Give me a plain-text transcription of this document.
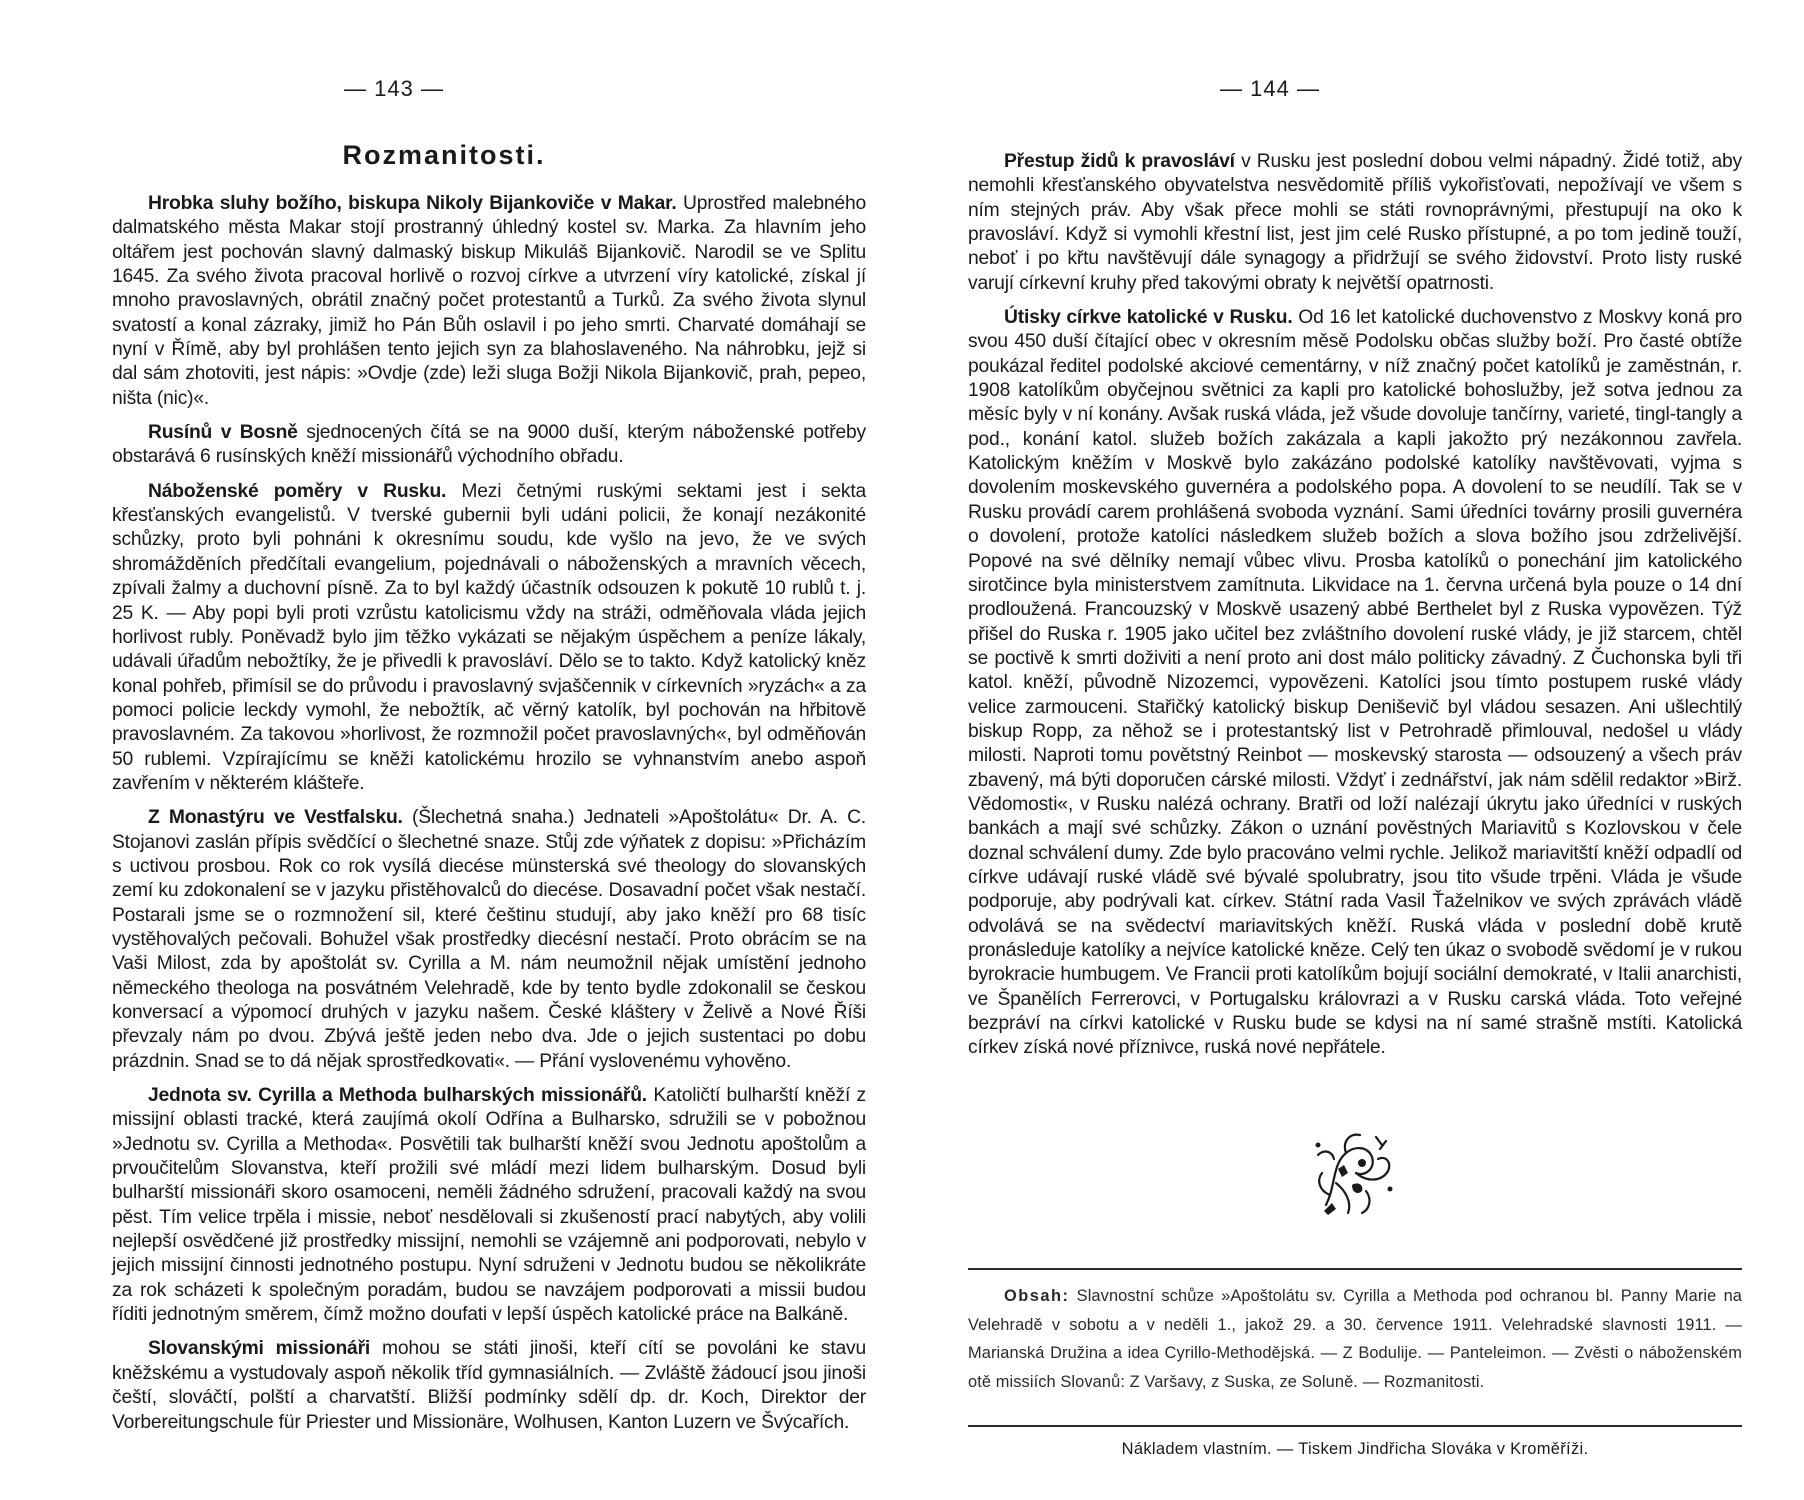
— 143 —
Rozmanitosti.

Hrobka sluhy božího, biskupa Nikoly Bijankoviče v Makar. Uprostřed malebného dalmatského města Makar stojí prostranný úhledný kostel sv. Marka. Za hlavním jeho oltářem jest pochován slavný dalmaský biskup Mikuláš Bijankovič. Narodil se ve Splitu 1645. Za svého života pracoval horlivě o rozvoj církve a utvrzení víry katolické, získal jí mnoho pravoslavných, obrátil značný počet protestantů a Turků. Za svého života slynul svatostí a konal zázraky, jimiž ho Pán Bůh oslavil i po jeho smrti. Charvaté domáhají se nyní v Římě, aby byl prohlášen tento jejich syn za blahoslaveného. Na náhrobku, jejž si dal sám zhotoviti, jest nápis: »Ovdje (zde) leži sluga Božji Nikola Bijankovič, prah, pepeo, ništa (nic)«.

Rusínů v Bosně sjednocených čítá se na 9000 duší, kterým náboženské potřeby obstarává 6 rusínských kněží missionářů východního obřadu.

Náboženské poměry v Rusku. Mezi četnými ruskými sektami jest i sekta křesťanských evangelistů. V tverské gubernii byli udáni policii, že konají nezákonité schůzky, proto byli pohnáni k okresnímu soudu, kde vyšlo na jevo, že ve svých shromážděních předčítali evangelium, pojednávali o náboženských a mravních věcech, zpívali žalmy a duchovní písně. Za to byl každý účastník odsouzen k pokutě 10 rublů t. j. 25 K. — Aby popi byli proti vzrůstu katolicismu vždy na stráži, odměňovala vláda jejich horlivost rubly. Poněvadž bylo jim těžko vykázati se nějakým úspěchem a peníze lákaly, udávali úřadům nebožtíky, že je přivedli k pravosláví. Dělo se to takto. Když katolický kněz konal pohřeb, přimísil se do průvodu i pravoslavný svjaščennik v církevních »ryzách« a za pomoci policie leckdy vymohl, že nebožtík, ač věrný katolík, byl pochován na hřbitově pravoslavném. Za takovou »horlivost, že rozmnožil počet pravoslavných«, byl odměňován 50 rublemi. Vzpírajícímu se kněži katolickému hrozilo se vyhnanstvím anebo aspoň zavřením v některém klášteře.

Z Monastýru ve Vestfalsku. (Šlechetná snaha.) Jednateli »Apoštolátu« Dr. A. C. Stojanovi zaslán přípis svědčící o šlechetné snaze. Stůj zde výňatek z dopisu: »Přicházím s uctivou prosbou. Rok co rok vysílá diecése münsterská své theology do slovanských zemí ku zdokonalení se v jazyku přistěhovalců do diecése. Dosavadní počet však nestačí. Postarali jsme se o rozmnožení sil, které češtinu studují, aby jako kněží pro 68 tisíc vystěhovalých pečovali. Bohužel však prostředky diecésní nestačí. Proto obrácím se na Vaši Milost, zda by apoštolát sv. Cyrilla a M. nám neumožnil nějak umístění jednoho německého theologa na posvátném Velehradě, kde by tento bydle zdokonalil se českou konversací a výpomocí druhých v jazyku našem. České kláštery v Želivě a Nové Říši převzaly nám po dvou. Zbývá ještě jeden nebo dva. Jde o jejich sustentaci po dobu prázdnin. Snad se to dá nějak sprostředkovati«. — Přání vyslovenému vyhověno.

Jednota sv. Cyrilla a Methoda bulharských missionářů. Katoličtí bulharští kněží z missijní oblasti tracké, která zaujímá okolí Odřína a Bulharsko, sdružili se v pobožnou »Jednotu sv. Cyrilla a Methoda«. Posvětili tak bulharští kněží svou Jednotu apoštolům a prvoučitelům Slovanstva, kteří prožili své mládí mezi lidem bulharským. Dosud byli bulharští missionáři skoro osamoceni, neměli žádného sdružení, pracovali každý na svou pěst. Tím velice trpěla i missie, neboť nesdělovali si zkušeností prací nabytých, aby volili nejlepší osvědčené již prostředky missijní, nemohli se vzájemně ani podporovati, nebylo v jejich missijní činnosti jednotného postupu. Nyní sdruženi v Jednotu budou se několikráte za rok scházeti k společným poradám, budou se navzájem podporovati a missii budou říditi jednotným směrem, čímž možno doufati v lepší úspěch katolické práce na Balkáně.

Slovanskými missionáři mohou se státi jinoši, kteří cítí se povoláni ke stavu kněžskému a vystudovaly aspoň několik tříd gymnasiálních. — Zvláště žádoucí jsou jinoši čeští, slováčtí, polští a charvatští. Bližší podmínky sdělí dp. dr. Koch, Direktor der Vorbereitungschule für Priester und Missionäre, Wolhusen, Kanton Luzern ve Švýcařích.

— 144 —

Přestup židů k pravosláví v Rusku jest poslední dobou velmi nápadný. Židé totiž, aby nemohli křesťanského obyvatelstva nesvědomitě příliš vykořisťovati, nepožívají ve všem s ním stejných práv. Aby však přece mohli se státi rovnoprávnými, přestupují na oko k pravosláví. Když si vymohli křestní list, jest jim celé Rusko přístupné, a po tom jedině touží, neboť i po křtu navštěvují dále synagogy a přidržují se svého židovství. Proto listy ruské varují církevní kruhy před takovými obraty k největší opatrnosti.

Útisky církve katolické v Rusku. Od 16 let katolické duchovenstvo z Moskvy koná pro svou 450 duší čítající obec v okresním měsě Podolsku občas služby boží. Pro časté obtíže poukázal ředitel podolské akciové cementárny, v níž značný počet katolíků je zaměstnán, r. 1908 katolíkům obyčejnou světnici za kapli pro katolické bohoslužby, jež sotva jednou za měsíc byly v ní konány. Avšak ruská vláda, jež všude dovoluje tančírny, varieté, tingl-tangly a pod., konání katol. služeb božích zakázala a kapli jakožto prý nezákonnou zavřela. Katolickým kněžím v Moskvě bylo zakázáno podolské katolíky navštěvovati, vyjma s dovolením moskevského guvernéra a podolského popa. A dovolení to se neudílí. Tak se v Rusku provádí carem prohlášená svoboda vyznání. Sami úředníci továrny prosili guvernéra o dovolení, protože katolíci následkem služeb božích a slova božího jsou zdrželivější. Popové na své dělníky nemají vůbec vlivu. Prosba katolíků o ponechání jim katolického sirotčince byla ministerstvem zamítnuta. Likvidace na 1. června určená byla pouze o 14 dní prodloužená. Francouzský v Moskvě usazený abbé Berthelet byl z Ruska vypovězen. Týž přišel do Ruska r. 1905 jako učitel bez zvláštního dovolení ruské vlády, je již starcem, chtěl se poctivě k smrti doživiti a není proto ani dost málo politicky závadný. Z Čuchonska byli tři katol. kněží, původně Nizozemci, vypovězeni. Katolíci jsou tímto postupem ruské vlády velice zarmouceni. Stařičký katolický biskup Deniševič byl vládou sesazen. Ani ušlechtilý biskup Ropp, za něhož se i protestantský list v Petrohradě přimlouval, nedošel u vlády milosti. Naproti tomu povětstný Reinbot — moskevský starosta — odsouzený a všech práv zbavený, má býti doporučen cárské milosti. Vždyť i zednářství, jak nám sdělil redaktor »Birž. Vědomosti«, v Rusku nalézá ochrany. Bratři od loží nalézají úkrytu jako úředníci v ruských bankách a mají své schůzky. Zákon o uznání pověstných Mariavitů s Kozlovskou v čele doznal schválení dumy. Zde bylo pracováno velmi rychle. Jelikož mariavitští kněží odpadlí od církve udávají ruské vládě své bývalé spolubratry, jsou tito všude trpěni. Vláda je všude podporuje, aby podrývali kat. církev. Státní rada Vasil Ťaželnikov ve svých zprávách vládě odvolává se na svědectví mariavitských kněží. Ruská vláda v poslední době krutě pronásleduje katolíky a nejvíce katolické kněze. Celý ten úkaz o svobodě svědomí je v rukou byrokracie humbugem. Ve Francii proti katolíkům bojují sociální demokraté, v Italii anarchisti, ve Španělích Ferrerovci, v Portugalsku královrazi a v Rusku carská vláda. Toto veřejné bezpráví na církvi katolické v Rusku bude se kdysi na ní samé strašně mstíti. Katolická církev získá nové příznivce, ruská nové nepřátele.

Obsah: Slavnostní schůze »Apoštolátu sv. Cyrilla a Methoda pod ochranou bl. Panny Marie na Velehradě v sobotu a v neděli 1., jakož 29. a 30. července 1911. Velehradské slavnosti 1911. — Marianská Družina a idea Cyrillo-Methodějská. — Z Bodulije. — Panteleimon. — Zvěsti o náboženském otě missiích Slovanů: Z Varšavy, z Suska, ze Soluně. — Rozmanitosti.
Nákladem vlastním. — Tiskem Jindřicha Slováka v Kroměříži.
